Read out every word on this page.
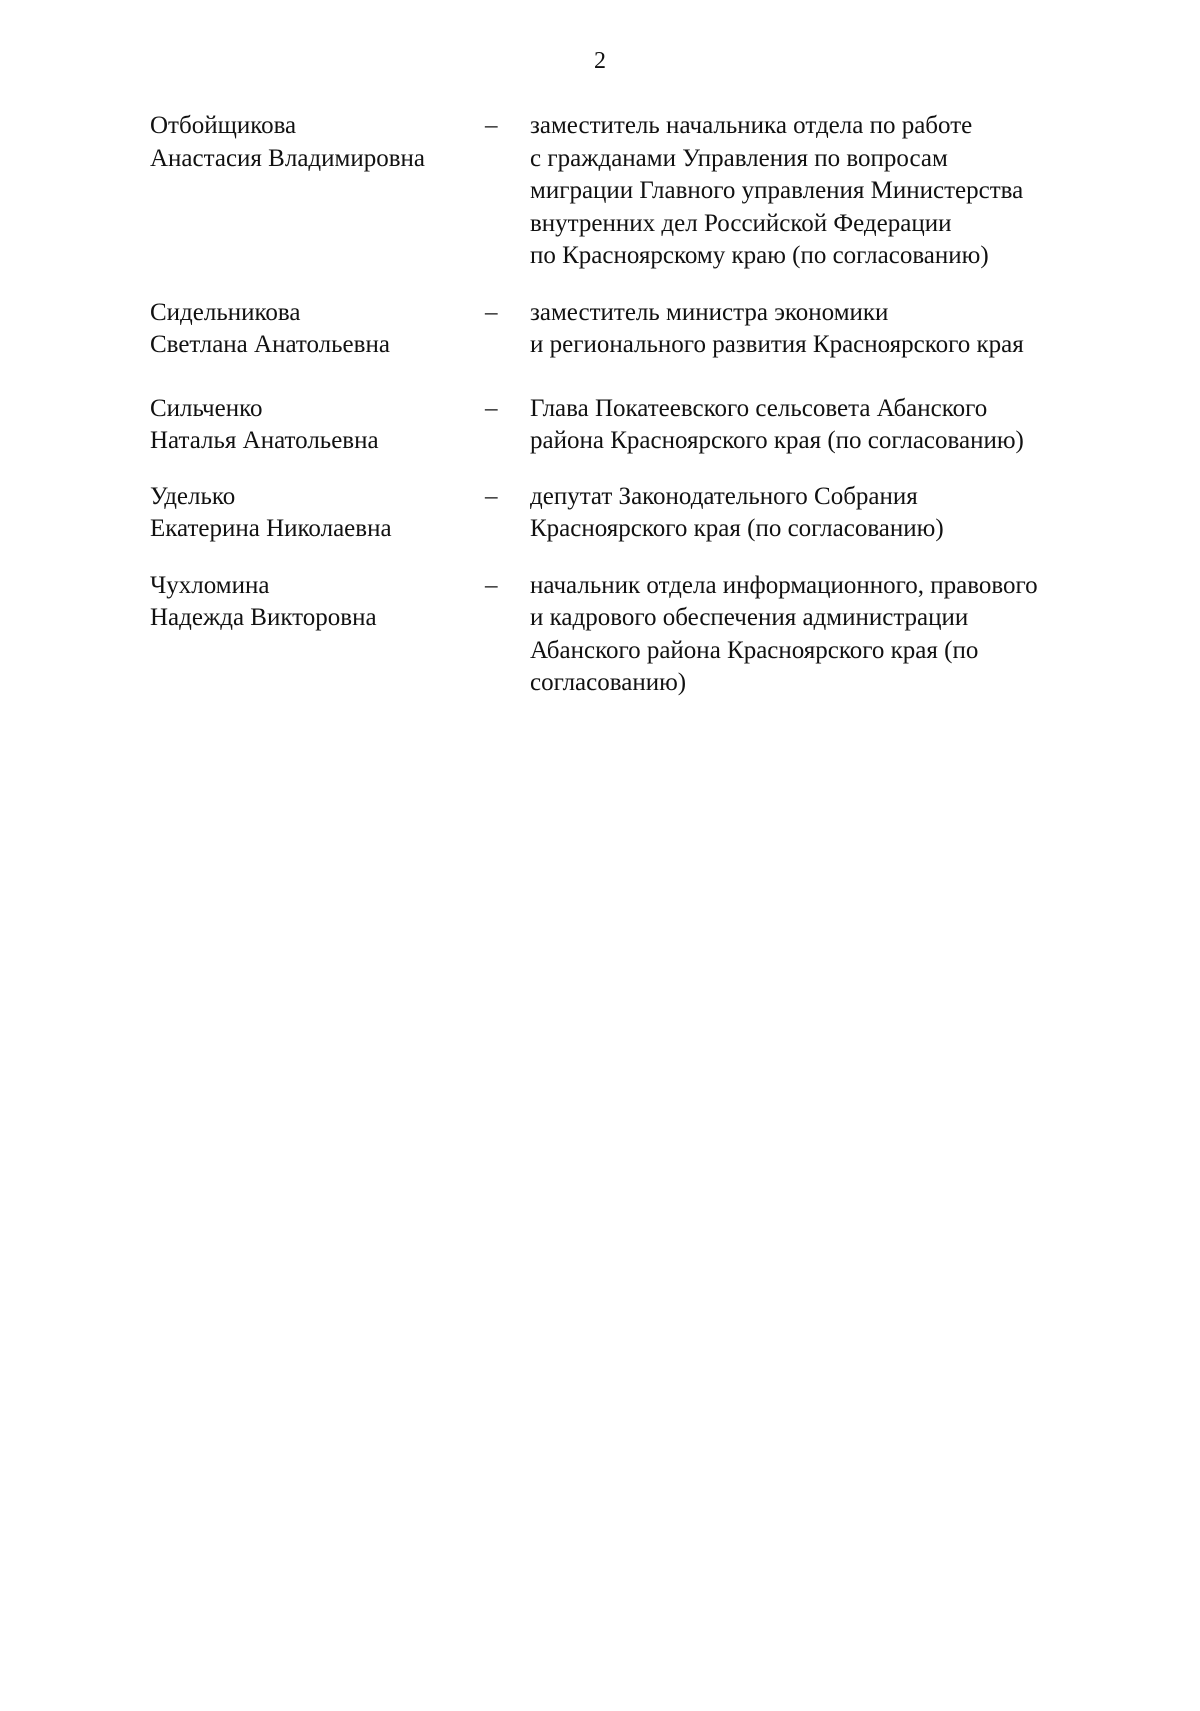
2
Отбойщикова
Анастасия Владимировна
–	заместитель начальника отдела по работе
с гражданами Управления по вопросам
миграции Главного управления Министерства
внутренних дел Российской Федерации
по Красноярскому краю (по согласованию)
Сидельникова
Светлана Анатольевна
–	заместитель министра экономики
и регионального развития Красноярского края
Сильченко
Наталья Анатольевна
–	Глава Покатеевского сельсовета Абанского
района Красноярского края (по согласованию)
Уделько
Екатерина Николаевна
–	депутат Законодательного Собрания
Красноярского края (по согласованию)
Чухломина
Надежда Викторовна
–	начальник отдела информационного, правового
и кадрового обеспечения администрации
Абанского района Красноярского края (по
согласованию)
